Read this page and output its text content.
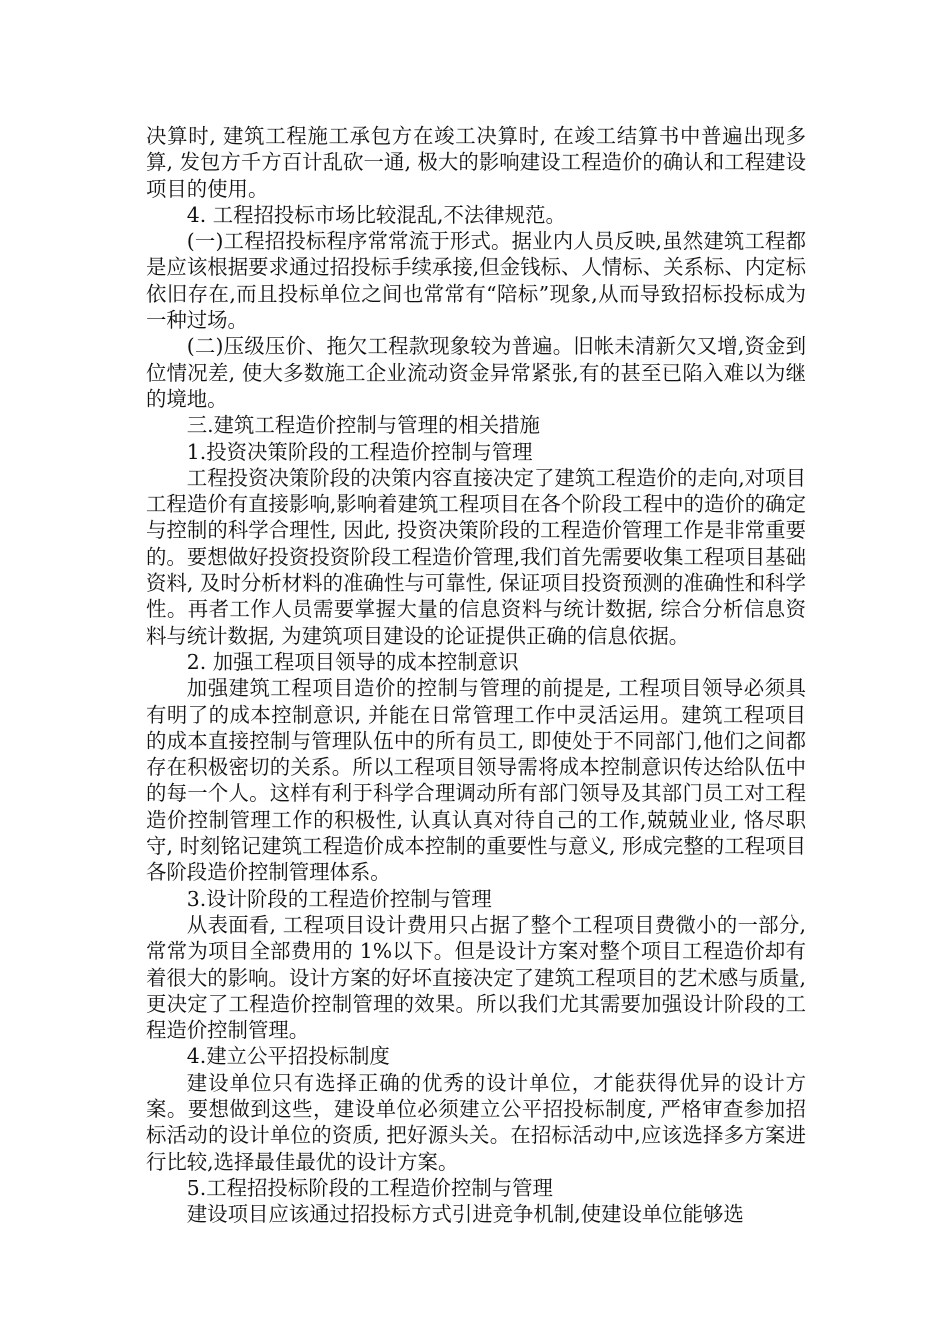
决算时, 建筑工程施工承包方在竣工决算时, 在竣工结算书中普遍出现多算, 发包方千方百计乱砍一通, 极大的影响建设工程造价的确认和工程建设项目的使用。

4. 工程招投标市场比较混乱,不法律规范。

(一)工程招投标程序常常流于形式。据业内人员反映,虽然建筑工程都是应该根据要求通过招投标手续承接,但金钱标、人情标、关系标、内定标依旧存在,而且投标单位之间也常常有“陪标”现象,从而导致招标投标成为一种过场。

(二)压级压价、拖欠工程款现象较为普遍。旧帐未清新欠又增,资金到位情况差, 使大多数施工企业流动资金异常紧张,有的甚至已陷入难以为继的境地。

三.建筑工程造价控制与管理的相关措施

1.投资决策阶段的工程造价控制与管理

工程投资决策阶段的决策内容直接决定了建筑工程造价的走向,对项目工程造价有直接影响,影响着建筑工程项目在各个阶段工程中的造价的确定与控制的科学合理性, 因此, 投资决策阶段的工程造价管理工作是非常重要的。要想做好投资投资阶段工程造价管理,我们首先需要收集工程项目基础资料, 及时分析材料的准确性与可靠性, 保证项目投资预测的准确性和科学性。再者工作人员需要掌握大量的信息资料与统计数据, 综合分析信息资料与统计数据, 为建筑项目建设的论证提供正确的信息依据。

2. 加强工程项目领导的成本控制意识

加强建筑工程项目造价的控制与管理的前提是, 工程项目领导必须具有明了的成本控制意识, 并能在日常管理工作中灵活运用。建筑工程项目的成本直接控制与管理队伍中的所有员工, 即使处于不同部门,他们之间都存在积极密切的关系。所以工程项目领导需将成本控制意识传达给队伍中的每一个人。这样有利于科学合理调动所有部门领导及其部门员工对工程造价控制管理工作的积极性, 认真认真对待自己的工作,兢兢业业, 恪尽职守, 时刻铭记建筑工程造价成本控制的重要性与意义, 形成完整的工程项目各阶段造价控制管理体系。

3.设计阶段的工程造价控制与管理

从表面看, 工程项目设计费用只占据了整个工程项目费微小的一部分, 常常为项目全部费用的 1%以下。但是设计方案对整个项目工程造价却有着很大的影响。设计方案的好坏直接决定了建筑工程项目的艺术感与质量, 更决定了工程造价控制管理的效果。所以我们尤其需要加强设计阶段的工程造价控制管理。

4.建立公平招投标制度

建设单位只有选择正确的优秀的设计单位，才能获得优异的设计方案。要想做到这些，建设单位必须建立公平招投标制度, 严格审查参加招标活动的设计单位的资质, 把好源头关。在招标活动中,应该选择多方案进行比较,选择最佳最优的设计方案。

5.工程招投标阶段的工程造价控制与管理

建设项目应该通过招投标方式引进竞争机制,使建设单位能够选
